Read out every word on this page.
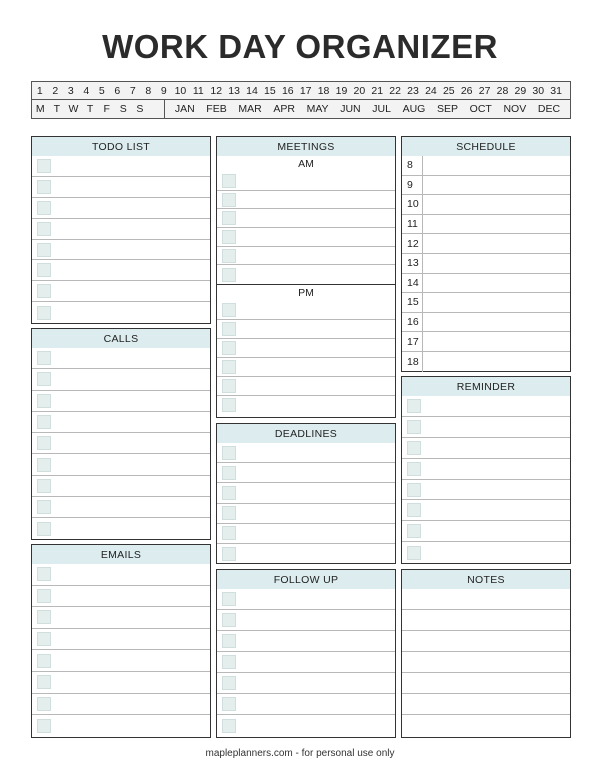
WORK DAY ORGANIZER
1 2 3 4 5 6 7 8 9 10 11 12 13 14 15 16 17 18 19 20 21 22 23 24 25 26 27 28 29 30 31
M T W T F S S	JAN FEB MAR APR MAY JUN JUL AUG SEP OCT NOV DEC
TODO LIST
CALLS
EMAILS
MEETINGS
AM
PM
DEADLINES
FOLLOW UP
SCHEDULE
8
9
10
11
12
13
14
15
16
17
18
REMINDER
NOTES
mapleplanners.com - for personal use only
